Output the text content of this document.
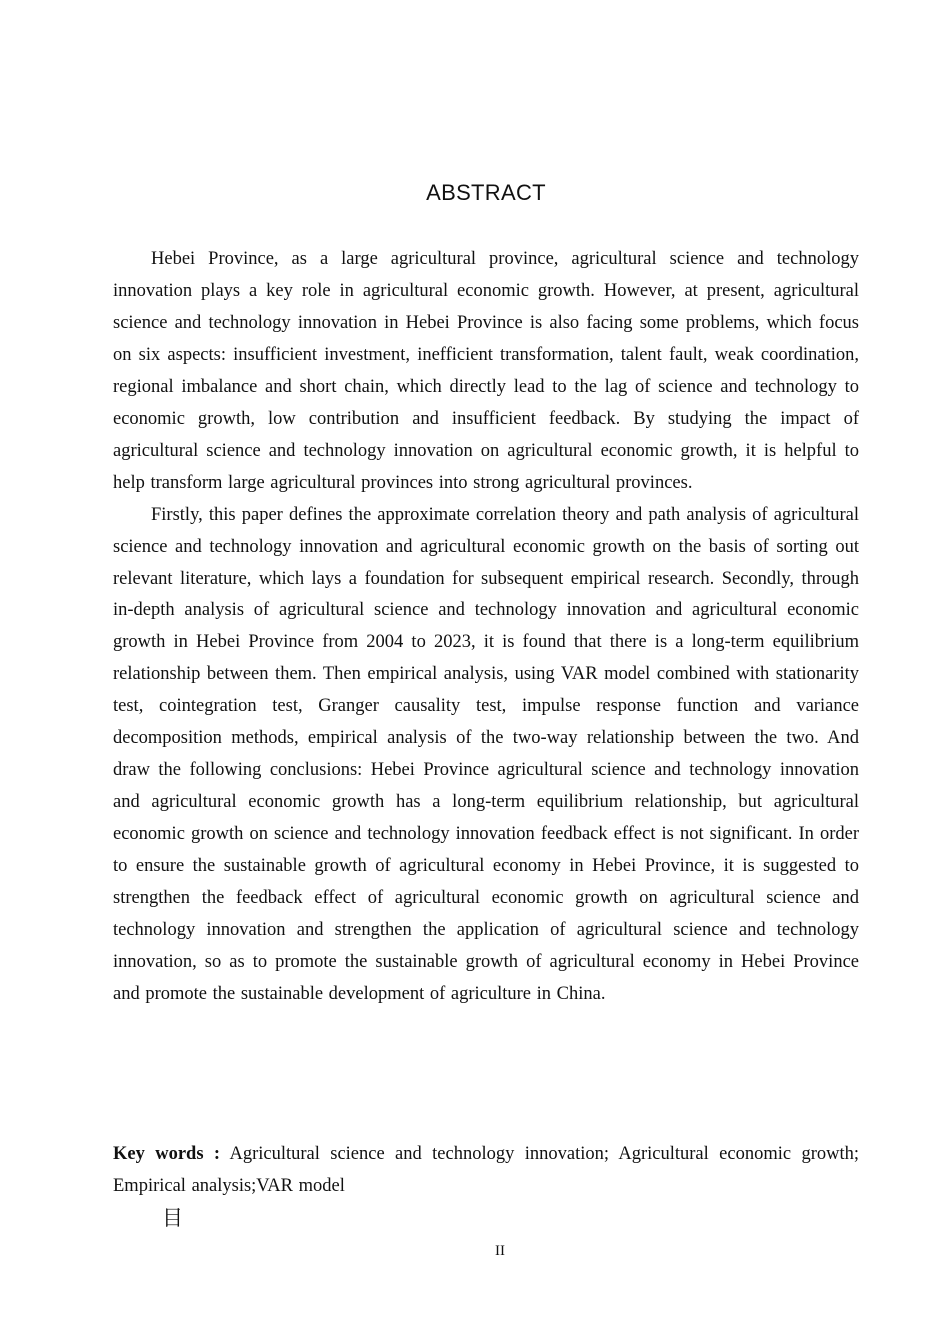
ABSTRACT

Hebei Province, as a large agricultural province, agricultural science and technology innovation plays a key role in agricultural economic growth. However, at present, agricultural science and technology innovation in Hebei Province is also facing some problems, which focus on six aspects: insufficient investment, inefficient transformation, talent fault, weak coordination, regional imbalance and short chain, which directly lead to the lag of science and technology to economic growth, low contribution and insufficient feedback. By studying the impact of agricultural science and technology innovation on agricultural economic growth, it is helpful to help transform large agricultural provinces into strong agricultural provinces.

Firstly, this paper defines the approximate correlation theory and path analysis of agricultural science and technology innovation and agricultural economic growth on the basis of sorting out relevant literature, which lays a foundation for subsequent empirical research. Secondly, through in-depth analysis of agricultural science and technology innovation and agricultural economic growth in Hebei Province from 2004 to 2023, it is found that there is a long-term equilibrium relationship between them. Then empirical analysis, using VAR model combined with stationarity test, cointegration test, Granger causality test, impulse response function and variance decomposition methods, empirical analysis of the two-way relationship between the two. And draw the following conclusions: Hebei Province agricultural science and technology innovation and agricultural economic growth has a long-term equilibrium relationship, but agricultural economic growth on science and technology innovation feedback effect is not significant. In order to ensure the sustainable growth of agricultural economy in Hebei Province, it is suggested to strengthen the feedback effect of agricultural economic growth on agricultural science and technology innovation and strengthen the application of agricultural science and technology innovation, so as to promote the sustainable growth of agricultural economy in Hebei Province and promote the sustainable development of agriculture in China.

Key words : Agricultural science and technology innovation; Agricultural economic growth; Empirical analysis;VAR model
目
II
